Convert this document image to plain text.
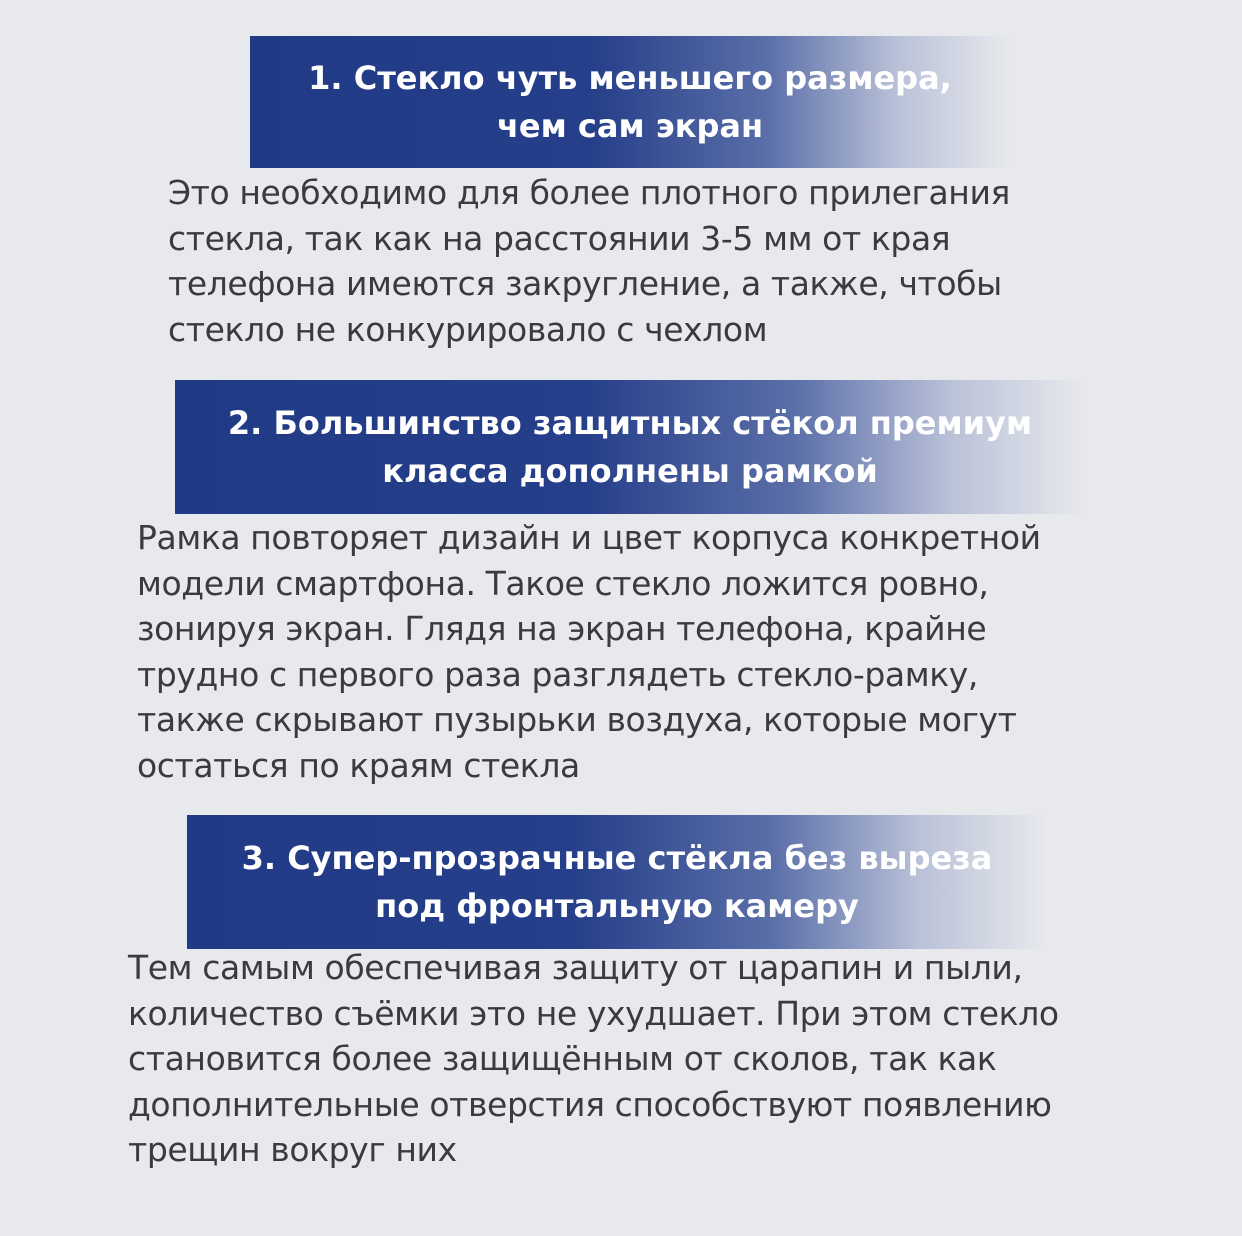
1. Стекло чуть меньшего размера,
чем сам экран
Это необходимо для более плотного прилегания
стекла, так как на расстоянии 3-5 мм от края
телефона имеются закругление, а также, чтобы
стекло не конкурировало с чехлом
2. Большинство защитных стёкол премиум
класса дополнены рамкой
Рамка повторяет дизайн и цвет корпуса конкретной
модели смартфона. Такое стекло ложится ровно,
зонируя экран. Глядя на экран телефона, крайне
трудно с первого раза разглядеть стекло-рамку,
также скрывают пузырьки воздуха, которые могут
остаться по краям стекла
3. Супер-прозрачные стёкла без выреза
под фронтальную камеру
Тем самым обеспечивая защиту от царапин и пыли,
количество съёмки это не ухудшает. При этом стекло
становится более защищённым от сколов, так как
дополнительные отверстия способствуют появлению
трещин вокруг них
